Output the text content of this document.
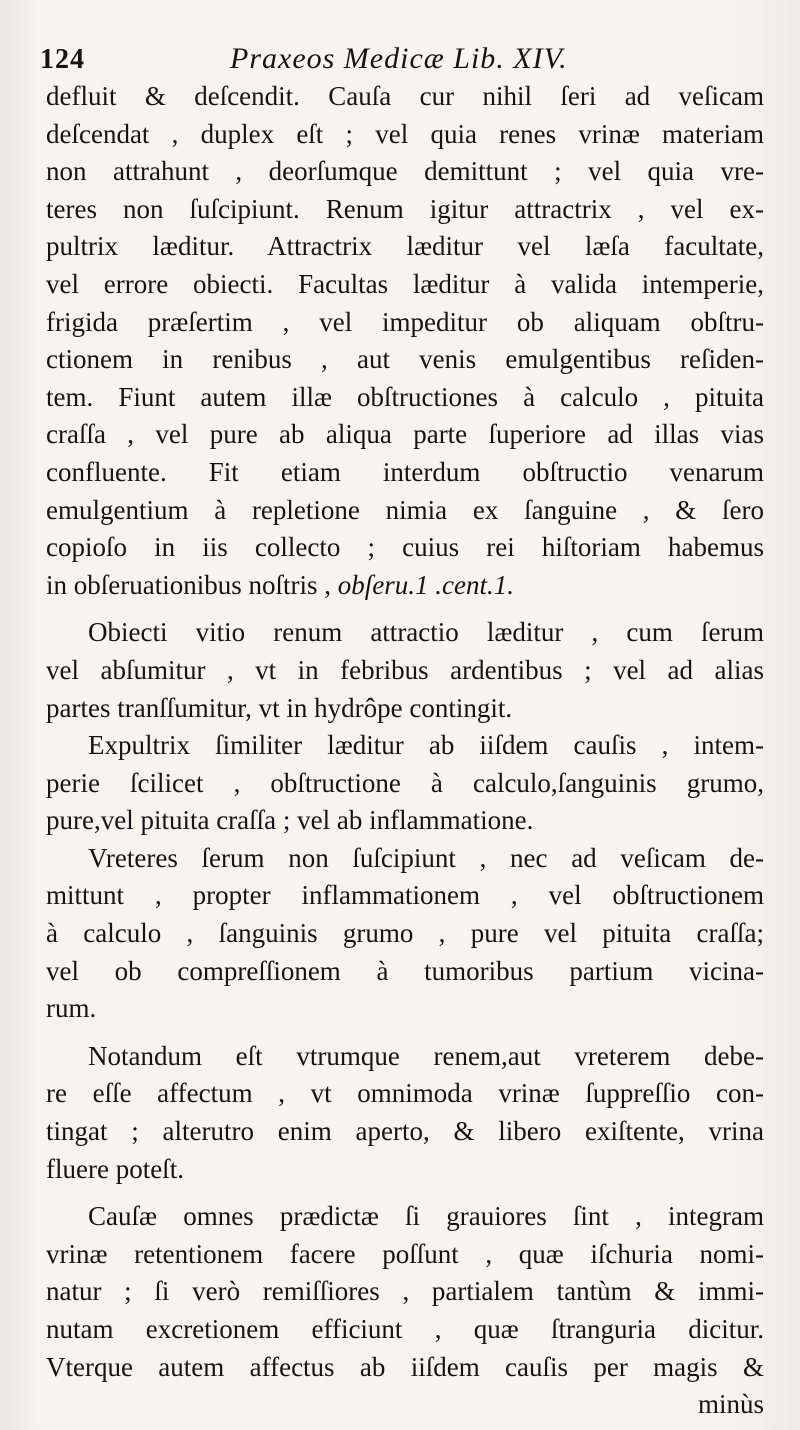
124	Praxeos Medicæ Lib. XIV.
defluit & deſcendit. Cauſa cur nihil ſeri ad veſicam
deſcendat , duplex eſt ; vel quia renes vrinæ materiam
non attrahunt , deorſumque demittunt ; vel quia vre-
teres non ſuſcipiunt. Renum igitur attractrix , vel ex-
pultrix læditur. Attractrix læditur vel læſa facultate,
vel errore obiecti. Facultas læditur à valida intemperie,
frigida præſertim , vel impeditur ob aliquam obſtru-
ctionem in renibus , aut venis emulgentibus reſiden-
tem. Fiunt autem illæ obſtructiones à calculo , pituita
craſſa , vel pure ab aliqua parte ſuperiore ad illas vias
confluente. Fit etiam interdum obſtructio venarum
emulgentium à repletione nimia ex ſanguine , & ſero
copioſo in iis collecto ; cuius rei hiſtoriam habemus
in obſeruationibus noſtris , obſeru.1 .cent.1.
Obiecti vitio renum attractio læditur , cum ſerum
vel abſumitur , vt in febribus ardentibus ; vel ad alias
partes tranſſumitur, vt in hydrôpe contingit.
Expultrix ſimiliter læditur ab iiſdem cauſis , intem-
perie ſcilicet , obſtructione à calculo,ſanguinis grumo,
pure,vel pituita craſſa ; vel ab inflammatione.
Vreteres ſerum non ſuſcipiunt , nec ad veſicam de-
mittunt , propter inflammationem , vel obſtructionem
à calculo , ſanguinis grumo , pure vel pituita craſſa;
vel ob compreſſionem à tumoribus partium vicina-
rum.
Notandum eſt vtrumque renem,aut vreterem debe-
re eſſe affectum , vt omnimoda vrinæ ſuppreſſio con-
tingat ; alterutro enim aperto, & libero exiſtente, vrina
fluere poteſt.
Cauſæ omnes prædictæ ſi grauiores ſint , integram
vrinæ retentionem facere poſſunt , quæ iſchuria nomi-
natur ; ſi verò remiſſiores , partialem tantùm & immi-
nutam excretionem efficiunt , quæ ſtranguria dicitur.
Vterque autem affectus ab iiſdem cauſis per magis &
minùs
